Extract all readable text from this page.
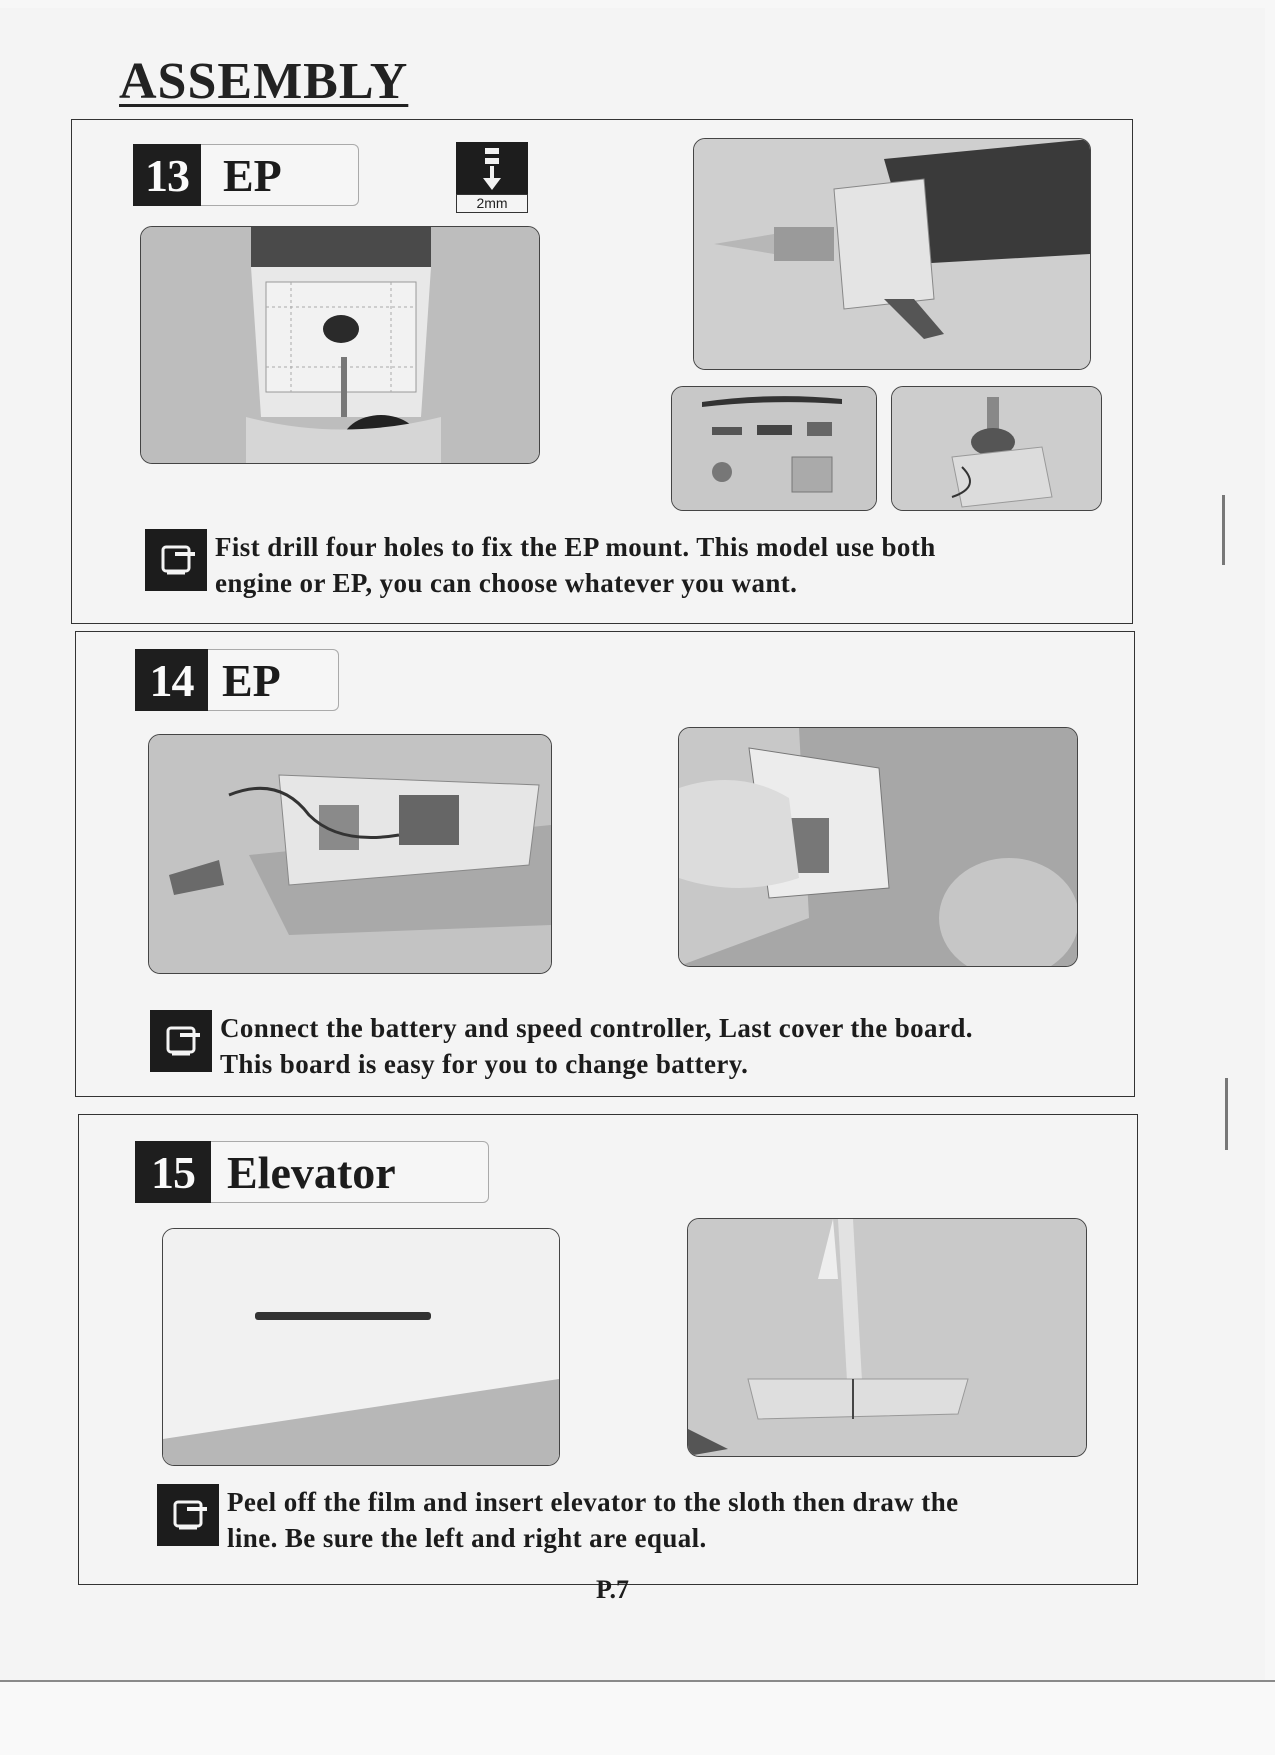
ASSEMBLY
13 EP
Fist drill four holes to fix the EP mount. This model use both
engine or EP, you can choose whatever you want.
2mm
14 EP
Connect the battery and speed controller, Last cover the board.
This board is easy for you to change battery.
15 Elevator
Peel off the film and insert elevator to the sloth then draw the
line. Be sure the left and right are equal.
P.7
